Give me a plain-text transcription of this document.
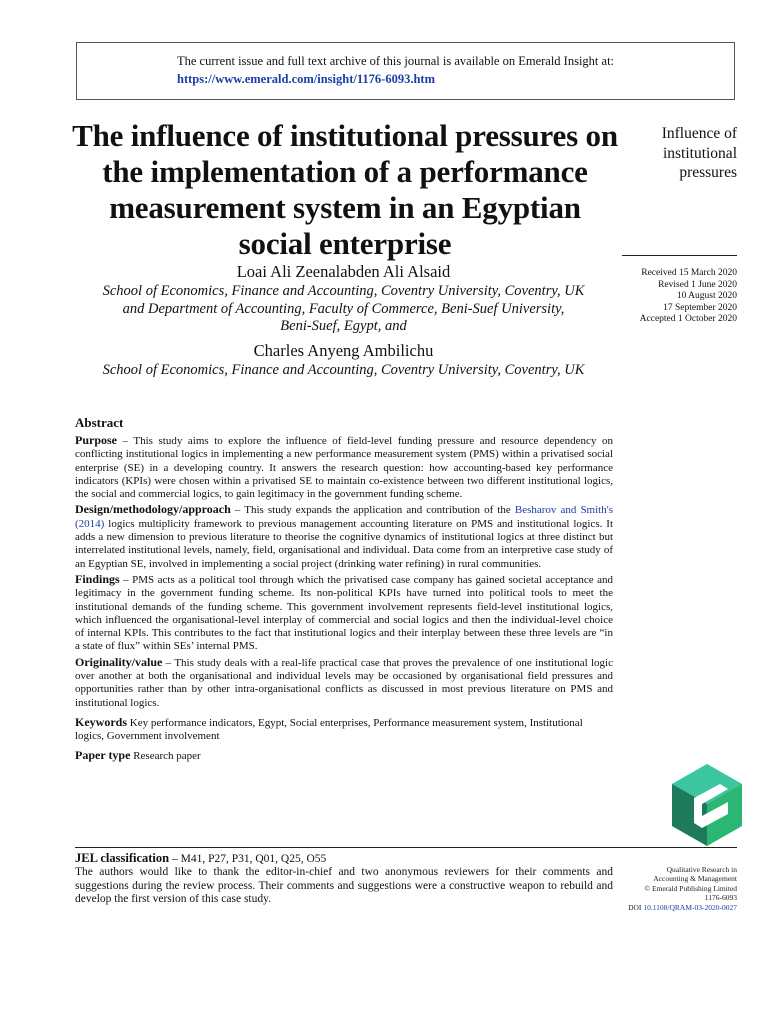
The current issue and full text archive of this journal is available on Emerald Insight at:
https://www.emerald.com/insight/1176-6093.htm
The influence of institutional pressures on the implementation of a performance measurement system in an Egyptian social enterprise
Influence of
institutional
pressures
Received 15 March 2020
Revised 1 June 2020
10 August 2020
17 September 2020
Accepted 1 October 2020
Loai Ali Zeenalabden Ali Alsaid
School of Economics, Finance and Accounting, Coventry University, Coventry, UK
and Department of Accounting, Faculty of Commerce, Beni-Suef University,
Beni-Suef, Egypt, and
Charles Anyeng Ambilichu
School of Economics, Finance and Accounting, Coventry University, Coventry, UK
Abstract

Purpose – This study aims to explore the influence of field-level funding pressure and resource dependency on conflicting institutional logics in implementing a new performance measurement system (PMS) within a privatised social enterprise (SE) in a developing country. It answers the research question: how accounting-based key performance indicators (KPIs) were chosen within a privatised SE to maintain co-existence between two different institutional logics, the social and commercial logics, to gain legitimacy in the government funding scheme.

Design/methodology/approach – This study expands the application and contribution of the Besharov and Smith's (2014) logics multiplicity framework to previous management accounting literature on PMS and institutional logics. It adds a new dimension to previous literature to theorise the cognitive dynamics of institutional logics at three distinct but interrelated institutional levels, namely, field, organisational and individual. Data come from an interpretive case study of an Egyptian SE, involved in implementing a social project (drinking water refining) in rural communities.

Findings – PMS acts as a political tool through which the privatised case company has gained societal acceptance and legitimacy in the government funding scheme. Its non-political KPIs have turned into political tools to meet the institutional demands of the funding scheme. This government involvement represents field-level institutional logics, which influenced the organisational-level interplay of commercial and social logics and then the individual-level choice of internal KPIs. This contributes to the fact that institutional logics and their interplay between these three levels are “in a state of flux” within SEs’ internal PMS.

Originality/value – This study deals with a real-life practical case that proves the prevalence of one institutional logic over another at both the organisational and individual levels may be occasioned by organisational field pressures and opportunities rather than by other intra-organisational conflicts as discussed in most previous literature on PMS and institutional logics.

Keywords Key performance indicators, Egypt, Social enterprises, Performance measurement system, Institutional logics, Government involvement

Paper type Research paper

JEL classification – M41, P27, P31, Q01, Q25, O55
The authors would like to thank the editor-in-chief and two anonymous reviewers for their comments and suggestions during the review process. Their comments and suggestions were a constructive weapon to rebuild and develop the first version of this case study.
Qualitative Research in
Accounting & Management
© Emerald Publishing Limited
1176-6093
DOI 10.1108/QRAM-03-2020-0027
